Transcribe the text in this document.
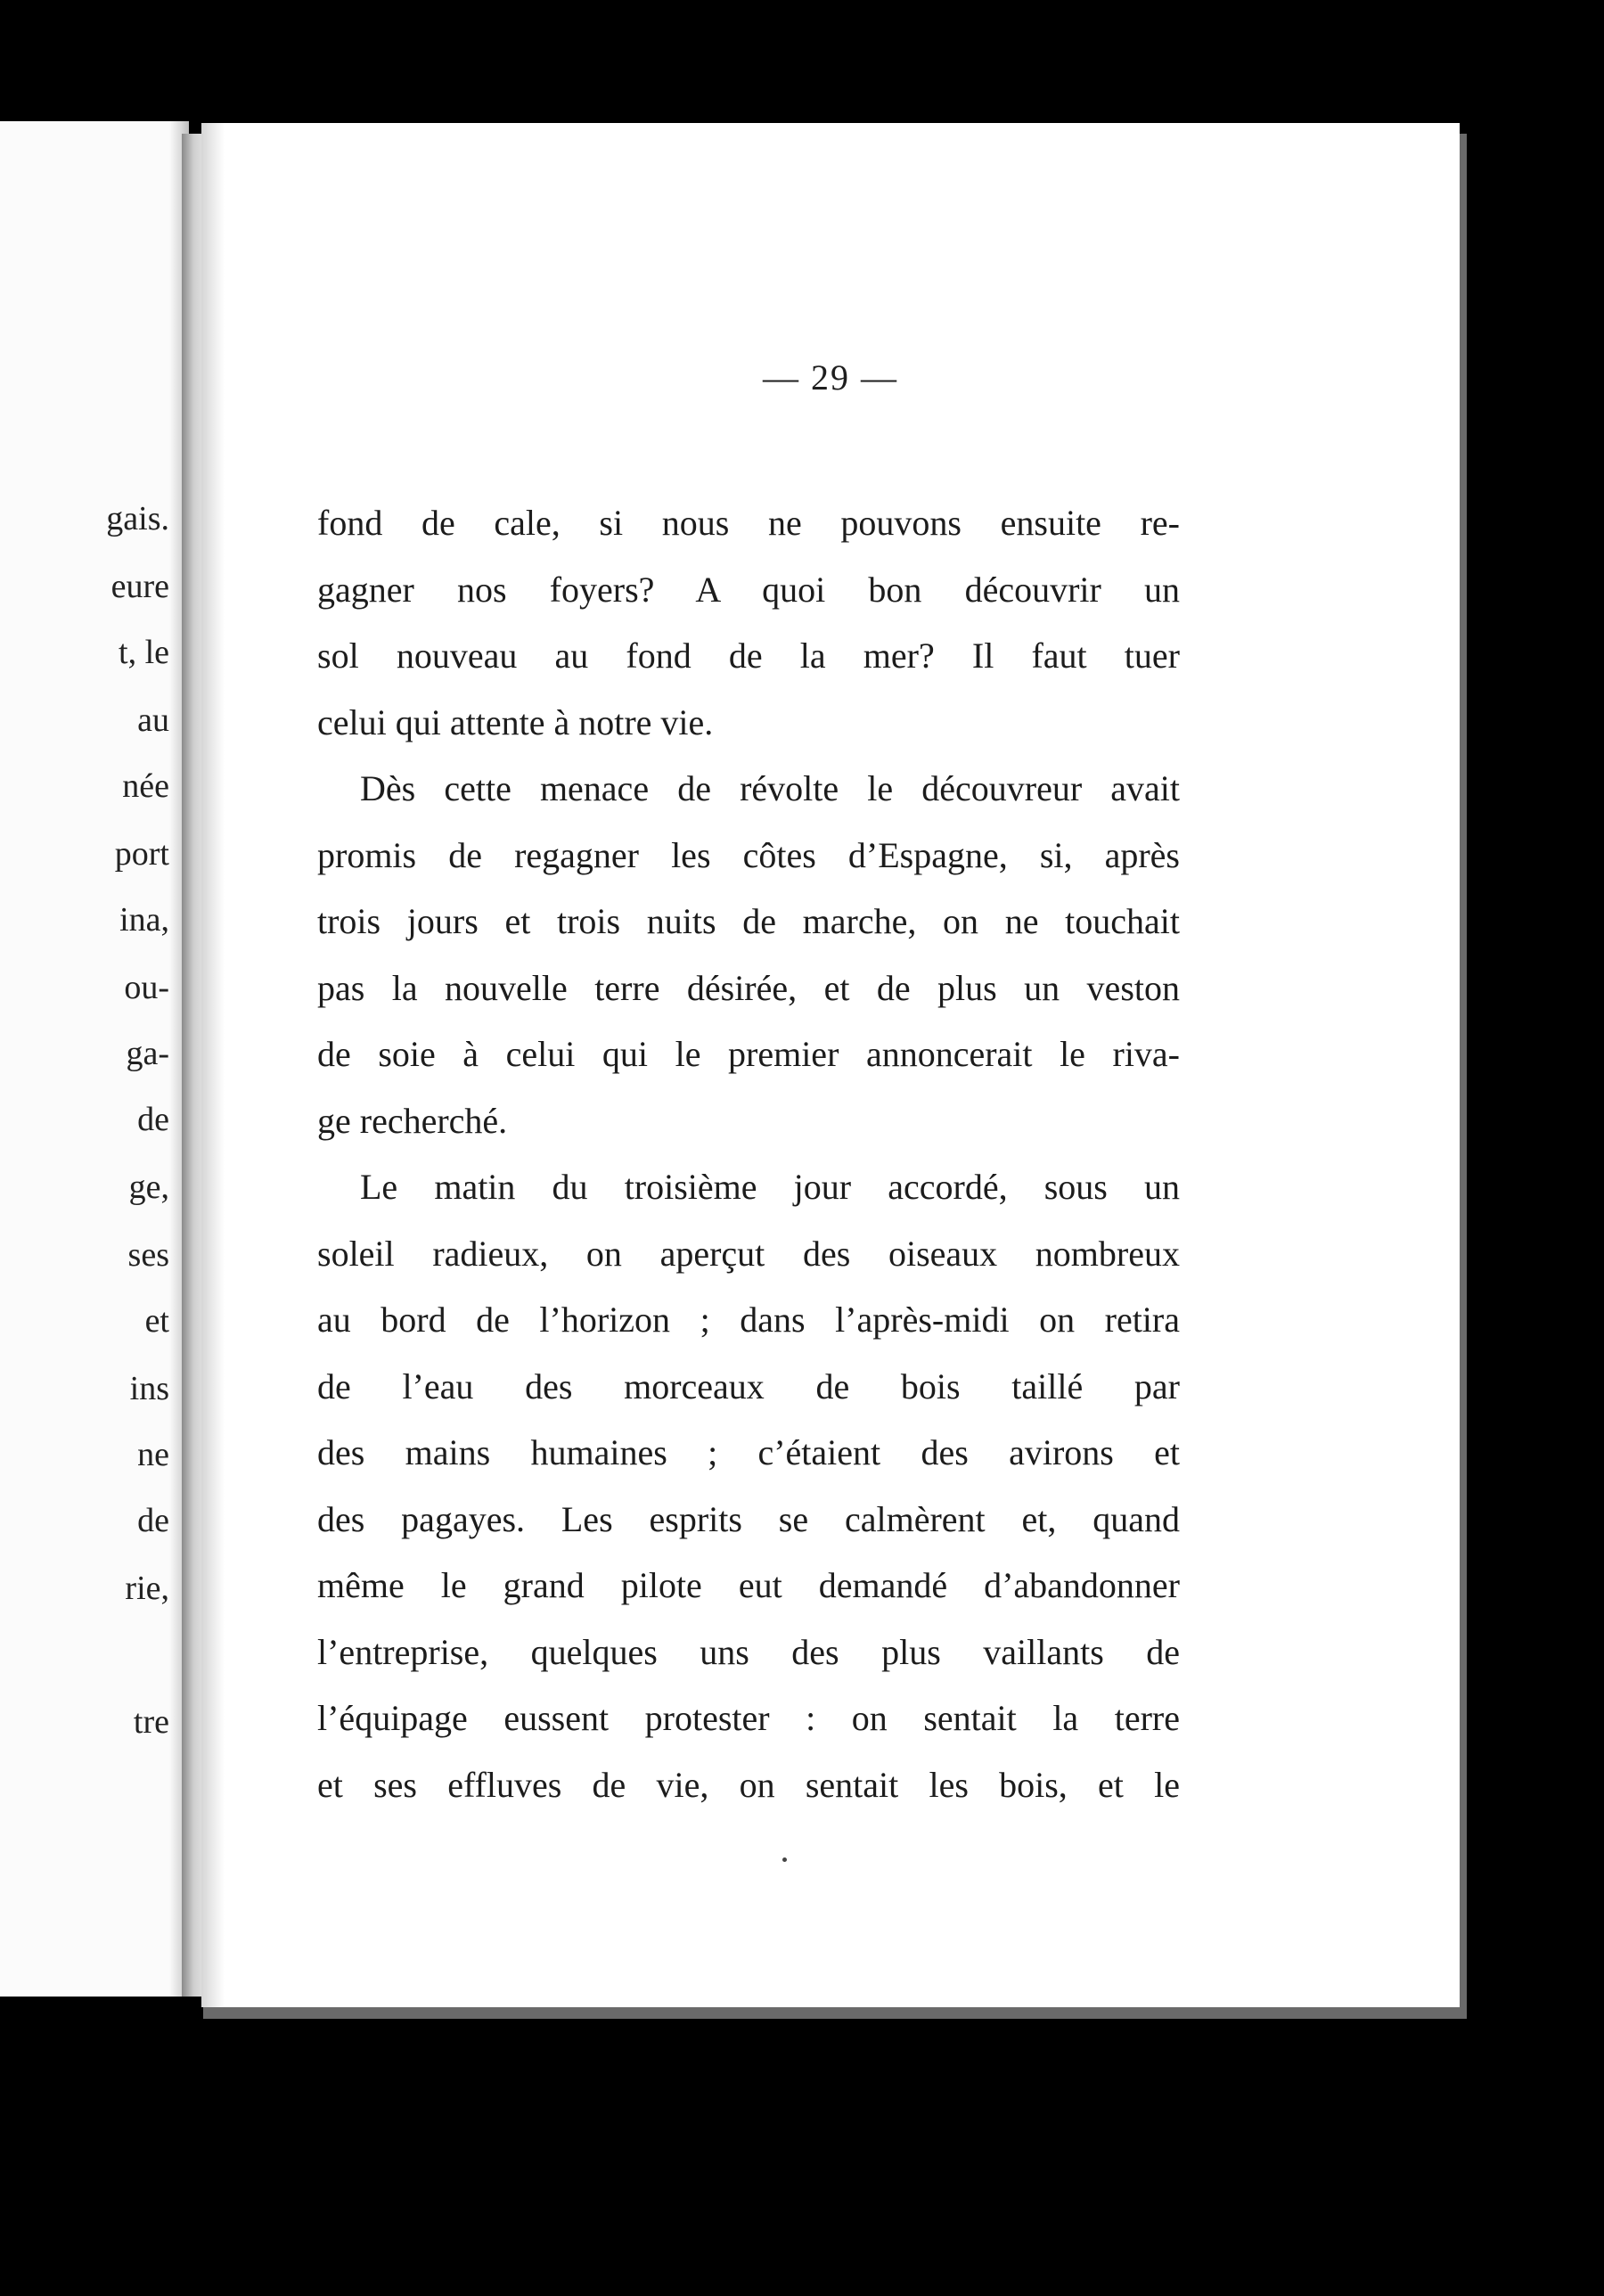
gais.
eure
t, le
au
née
port
ina,
ou-
ga-
de
ge,
ses
et
ins
ne
de
rie,
tre
— 29 —
fond de cale, si nous ne pouvons ensuite re-
gagner nos foyers? A quoi bon découvrir un
sol nouveau au fond de la mer? Il faut tuer
celui qui attente à notre vie.
Dès cette menace de révolte le découvreur avait
promis de regagner les côtes d’Espagne, si, après
trois jours et trois nuits de marche, on ne touchait
pas la nouvelle terre désirée, et de plus un veston
de soie à celui qui le premier annoncerait le riva-
ge recherché.
Le matin du troisième jour accordé, sous un
soleil radieux, on aperçut des oiseaux nombreux
au bord de l’horizon ; dans l’après-midi on retira
de l’eau des morceaux de bois taillé par
des mains humaines ; c’étaient des avirons et
des pagayes. Les esprits se calmèrent et, quand
même le grand pilote eut demandé d’abandonner
l’entreprise, quelques uns des plus vaillants de
l’équipage eussent protester : on sentait la terre
et ses effluves de vie, on sentait les bois, et le
